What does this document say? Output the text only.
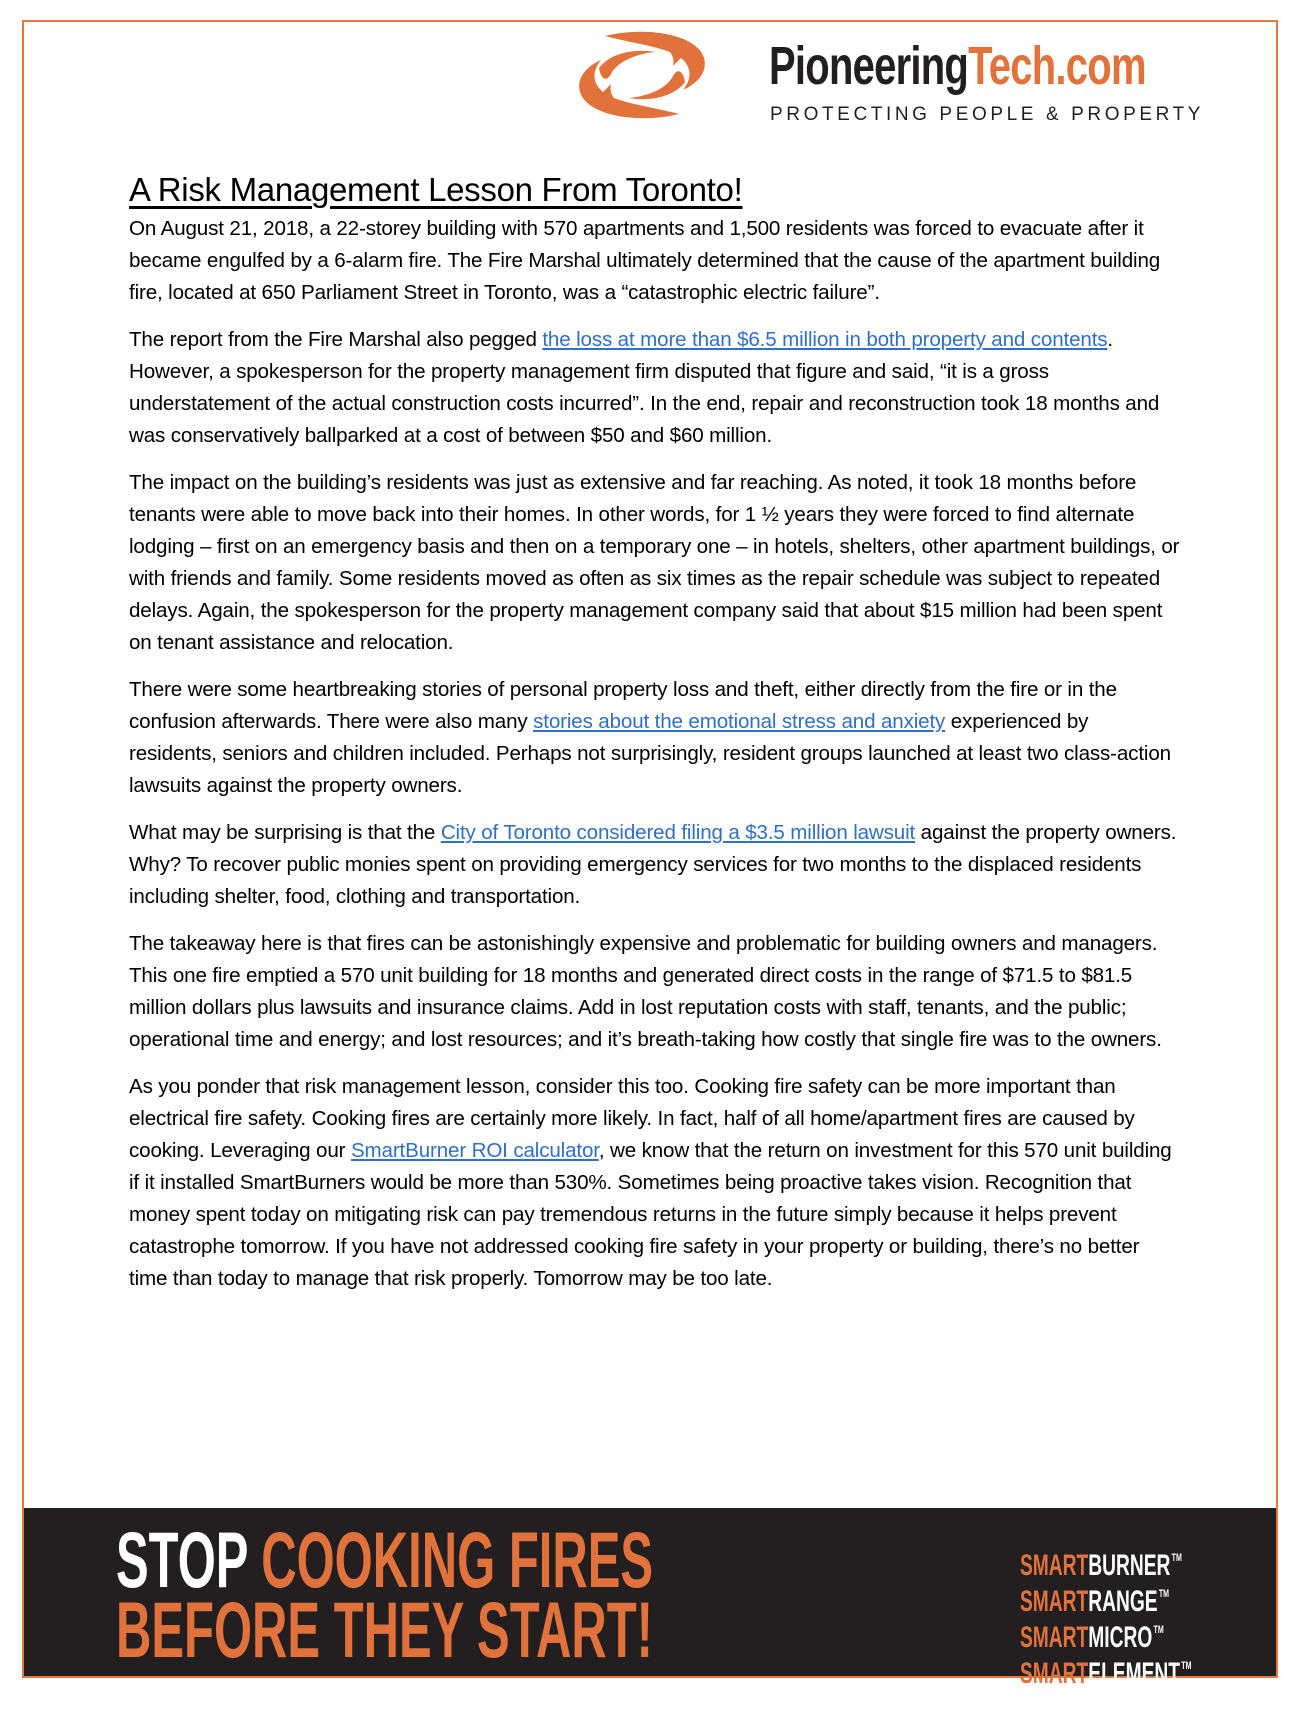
PioneeringTech.com
PROTECTING PEOPLE & PROPERTY
A Risk Management Lesson From Toronto!

On August 21, 2018, a 22-storey building with 570 apartments and 1,500 residents was forced to evacuate after it became engulfed by a 6-alarm fire. The Fire Marshal ultimately determined that the cause of the apartment building fire, located at 650 Parliament Street in Toronto, was a “catastrophic electric failure”.

The report from the Fire Marshal also pegged the loss at more than $6.5 million in both property and contents. However, a spokesperson for the property management firm disputed that figure and said, “it is a gross understatement of the actual construction costs incurred”. In the end, repair and reconstruction took 18 months and was conservatively ballparked at a cost of between $50 and $60 million.

The impact on the building’s residents was just as extensive and far reaching. As noted, it took 18 months before tenants were able to move back into their homes. In other words, for 1 ½ years they were forced to find alternate lodging – first on an emergency basis and then on a temporary one – in hotels, shelters, other apartment buildings, or with friends and family. Some residents moved as often as six times as the repair schedule was subject to repeated delays. Again, the spokesperson for the property management company said that about $15 million had been spent on tenant assistance and relocation.

There were some heartbreaking stories of personal property loss and theft, either directly from the fire or in the confusion afterwards. There were also many stories about the emotional stress and anxiety experienced by residents, seniors and children included. Perhaps not surprisingly, resident groups launched at least two class-action lawsuits against the property owners.

What may be surprising is that the City of Toronto considered filing a $3.5 million lawsuit against the property owners. Why? To recover public monies spent on providing emergency services for two months to the displaced residents including shelter, food, clothing and transportation.

The takeaway here is that fires can be astonishingly expensive and problematic for building owners and managers. This one fire emptied a 570 unit building for 18 months and generated direct costs in the range of $71.5 to $81.5 million dollars plus lawsuits and insurance claims. Add in lost reputation costs with staff, tenants, and the public; operational time and energy; and lost resources; and it’s breath-taking how costly that single fire was to the owners.

As you ponder that risk management lesson, consider this too. Cooking fire safety can be more important than electrical fire safety. Cooking fires are certainly more likely. In fact, half of all home/apartment fires are caused by cooking. Leveraging our SmartBurner ROI calculator, we know that the return on investment for this 570 unit building if it installed SmartBurners would be more than 530%. Sometimes being proactive takes vision. Recognition that money spent today on mitigating risk can pay tremendous returns in the future simply because it helps prevent catastrophe tomorrow. If you have not addressed cooking fire safety in your property or building, there’s no better time than today to manage that risk properly. Tomorrow may be too late.

STOP COOKING FIRES
BEFORE THEY START!
SMARTBURNER™
SMARTRANGE™
SMARTMICRO™
SMARTELEMENT™
